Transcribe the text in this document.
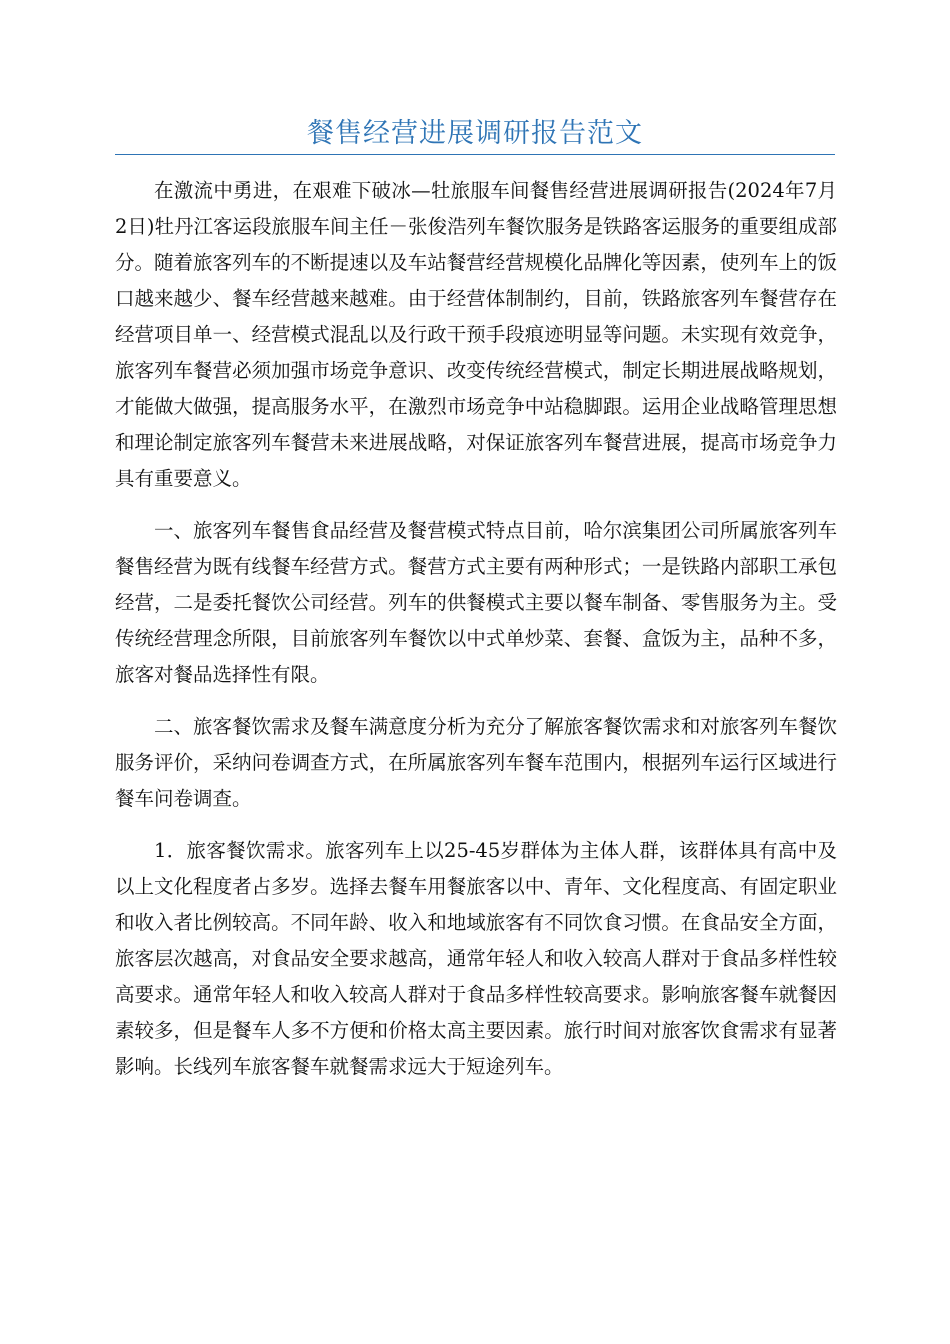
餐售经营进展调研报告范文

在激流中勇进，在艰难下破冰—牡旅服车间餐售经营进展调研报告(2024年7月2日)牡丹江客运段旅服车间主任－张俊浩列车餐饮服务是铁路客运服务的重要组成部分。随着旅客列车的不断提速以及车站餐营经营规模化品牌化等因素，使列车上的饭口越来越少、餐车经营越来越难。由于经营体制制约，目前，铁路旅客列车餐营存在经营项目单一、经营模式混乱以及行政干预手段痕迹明显等问题。未实现有效竞争，旅客列车餐营必须加强市场竞争意识、改变传统经营模式，制定长期进展战略规划，才能做大做强，提高服务水平，在激烈市场竞争中站稳脚跟。运用企业战略管理思想和理论制定旅客列车餐营未来进展战略，对保证旅客列车餐营进展，提高市场竞争力具有重要意义。

一、旅客列车餐售食品经营及餐营模式特点目前，哈尔滨集团公司所属旅客列车餐售经营为既有线餐车经营方式。餐营方式主要有两种形式；一是铁路内部职工承包经营，二是委托餐饮公司经营。列车的供餐模式主要以餐车制备、零售服务为主。受传统经营理念所限，目前旅客列车餐饮以中式单炒菜、套餐、盒饭为主，品种不多，旅客对餐品选择性有限。

二、旅客餐饮需求及餐车满意度分析为充分了解旅客餐饮需求和对旅客列车餐饮服务评价，采纳问卷调查方式，在所属旅客列车餐车范围内，根据列车运行区域进行餐车问卷调查。

1．旅客餐饮需求。旅客列车上以25-45岁群体为主体人群，该群体具有高中及以上文化程度者占多岁。选择去餐车用餐旅客以中、青年、文化程度高、有固定职业和收入者比例较高。不同年龄、收入和地域旅客有不同饮食习惯。在食品安全方面，旅客层次越高，对食品安全要求越高，通常年轻人和收入较高人群对于食品多样性较高要求。通常年轻人和收入较高人群对于食品多样性较高要求。影响旅客餐车就餐因素较多，但是餐车人多不方便和价格太高主要因素。旅行时间对旅客饮食需求有显著影响。长线列车旅客餐车就餐需求远大于短途列车。
